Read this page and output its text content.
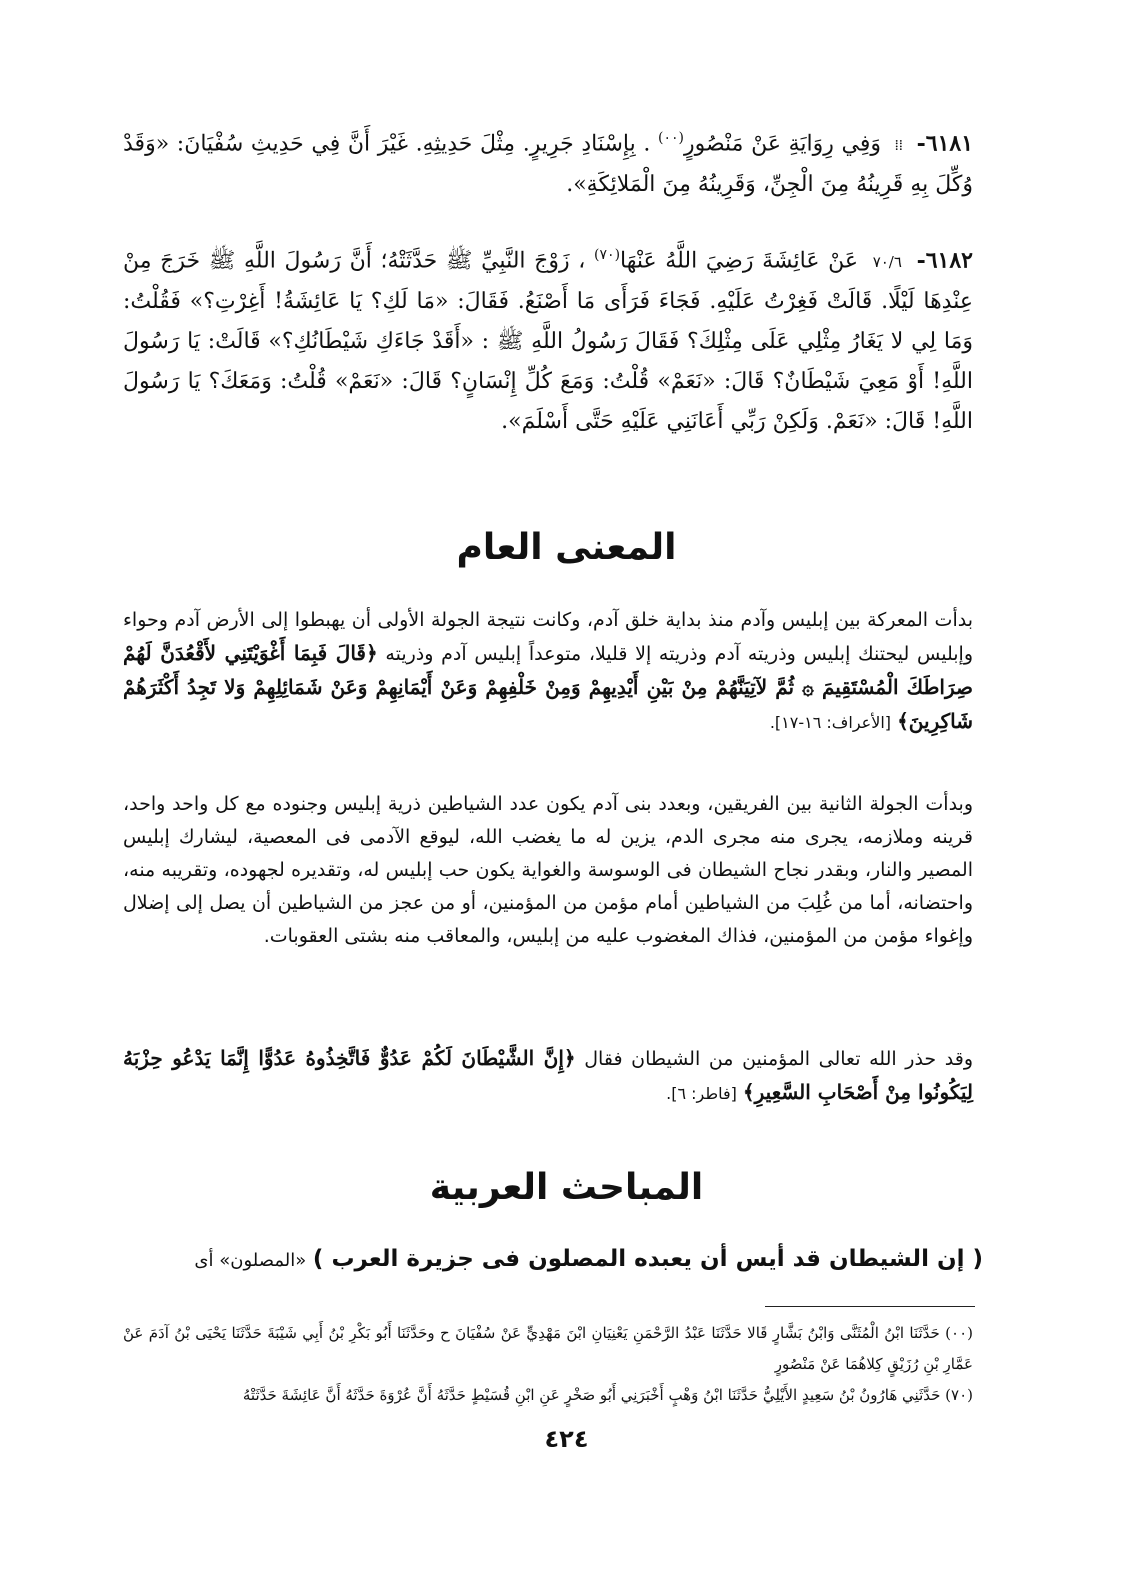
٦١٨١- ⁞⁞ وَفِي رِوَايَةِ عَنْ مَنْصُورٍ$^{(٠٠)}$ . بِإِسْنَادِ جَرِيرٍ. مِثْلَ حَدِيثِهِ. غَيْرَ أَنَّ فِي حَدِيثِ سُفْيَانَ: «وَقَدْ وُكِّلَ بِهِ قَرِينُهُ مِنَ الْجِنِّ، وَقَرِينُهُ مِنَ الْمَلائِكَةِ».
٦١٨٢- ٧٠/٦ عَنْ عَائِشَةَ رَضِيَ اللَّهُ عَنْهَا$^{(٧٠)}$ ، زَوْجَ النَّبِيِّ ﷺ حَدَّثَتْهُ؛ أَنَّ رَسُولَ اللَّهِ ﷺ خَرَجَ مِنْ عِنْدِهَا لَيْلًا. قَالَتْ فَغِرْتُ عَلَيْهِ. فَجَاءَ فَرَأَى مَا أَصْنَعُ. فَقَالَ: «مَا لَكِ؟ يَا عَائِشَةُ! أَغِرْتِ؟» فَقُلْتُ: وَمَا لِي لا يَغَارُ مِثْلِي عَلَى مِثْلِكَ؟ فَقَالَ رَسُولُ اللَّهِ ﷺ : «أَقَدْ جَاءَكِ شَيْطَانُكِ؟» قَالَتْ: يَا رَسُولَ اللَّهِ! أَوْ مَعِيَ شَيْطَانٌ؟ قَالَ: «نَعَمْ» قُلْتُ: وَمَعَ كُلِّ إِنْسَانٍ؟ قَالَ: «نَعَمْ» قُلْتُ: وَمَعَكَ؟ يَا رَسُولَ اللَّهِ! قَالَ: «نَعَمْ. وَلَكِنْ رَبِّي أَعَانَنِي عَلَيْهِ حَتَّى أَسْلَمَ».
المعنى العام
بدأت المعركة بين إبليس وآدم منذ بداية خلق آدم، وكانت نتيجة الجولة الأولى أن يهبطوا إلى الأرض آدم وحواء وإبليس ليحتنك إبليس وذريته آدم وذريته إلا قليلا، متوعداً إبليس آدم وذريته ﴿قَالَ فَبِمَا أَغْوَيْتَنِي لأَقْعُدَنَّ لَهُمْ صِرَاطَكَ الْمُسْتَقِيمَ ۞ ثُمَّ لآتِيَنَّهُمْ مِنْ بَيْنِ أَيْدِيهِمْ وَمِنْ خَلْفِهِمْ وَعَنْ أَيْمَانِهِمْ وَعَنْ شَمَائِلِهِمْ وَلا تَجِدُ أَكْثَرَهُمْ شَاكِرِينَ﴾ [الأعراف: ١٦-١٧].
وبدأت الجولة الثانية بين الفريقين، وبعدد بنى آدم يكون عدد الشياطين ذرية إبليس وجنوده مع كل واحد واحد، قرينه وملازمه، يجرى منه مجرى الدم، يزين له ما يغضب الله، ليوقع الآدمى فى المعصية، ليشارك إبليس المصير والنار، وبقدر نجاح الشيطان فى الوسوسة والغواية يكون حب إبليس له، وتقديره لجهوده، وتقريبه منه، واحتضانه، أما من غُلِبَ من الشياطين أمام مؤمن من المؤمنين، أو من عجز من الشياطين أن يصل إلى إضلال وإغواء مؤمن من المؤمنين، فذاك المغضوب عليه من إبليس، والمعاقب منه بشتى العقوبات.
وقد حذر الله تعالى المؤمنين من الشيطان فقال ﴿إِنَّ الشَّيْطَانَ لَكُمْ عَدُوٌّ فَاتَّخِذُوهُ عَدُوًّا إِنَّمَا يَدْعُو حِزْبَهُ لِيَكُونُوا مِنْ أَصْحَابِ السَّعِيرِ﴾ [فاطر: ٦].
المباحث العربية
( إن الشيطان قد أيس أن يعبده المصلون فى جزيرة العرب ) «المصلون» أى
(٠٠) حَدَّثَنَا ابْنُ الْمُثَنَّى وَابْنُ بَشَّارٍ قَالا حَدَّثَنَا عَبْدُ الرَّحْمَنِ يَعْنِيَانِ ابْنَ مَهْدِيٍّ عَنْ سُفْيَانَ ح وحَدَّثَنَا أَبُو بَكْرِ بْنُ أَبِي شَيْبَةَ حَدَّثَنَا يَحْيَى بْنُ آدَمَ عَنْ عَمَّارِ بْنِ رُزَيْقٍ كِلاهُمَا عَنْ مَنْصُورٍ
(٧٠) حَدَّثَنِي هَارُونُ بْنُ سَعِيدٍ الأَيْلِيُّ حَدَّثَنَا ابْنُ وَهْبٍ أَخْبَرَنِي أَبُو صَخْرٍ عَنِ ابْنِ قُسَيْطٍ حَدَّثَهُ أَنَّ عُرْوَةَ حَدَّثَهُ أَنَّ عَائِشَةَ حَدَّثَتْهُ
٤٢٤
